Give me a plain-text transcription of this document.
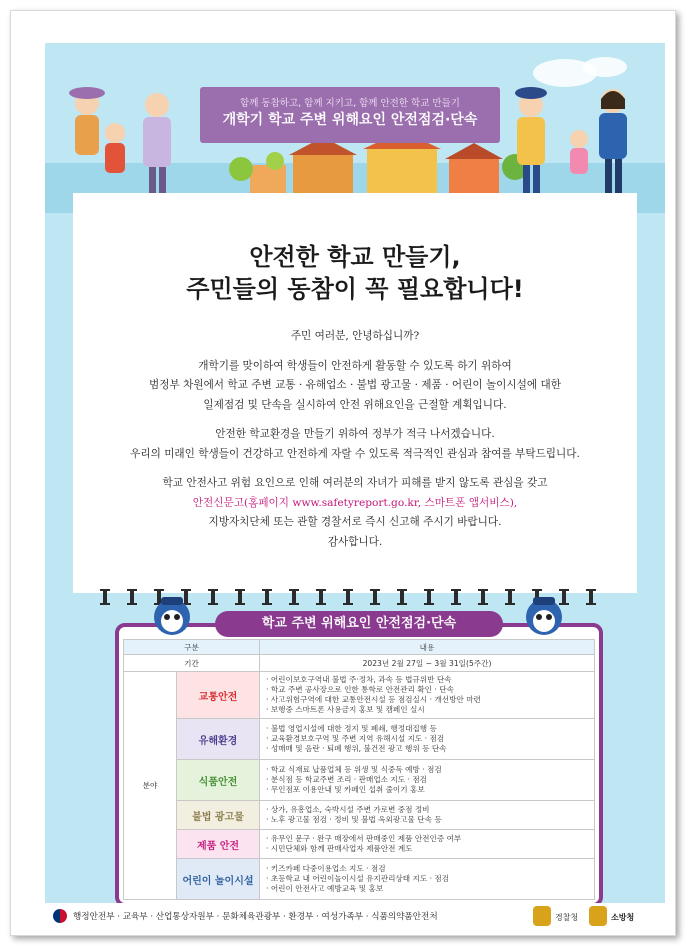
함께 동참하고, 함께 지키고, 함께 안전한 학교 만들기
개학기 학교 주변 위해요인 안전점검·단속
안전한 학교 만들기,
주민들의 동참이 꼭 필요합니다!

주민 여러분, 안녕하십니까?

개학기를 맞이하여 학생들이 안전하게 활동할 수 있도록 하기 위하여

범정부 차원에서 학교 주변 교통 · 유해업소 · 불법 광고물 · 제품 · 어린이 놀이시설에 대한

일제점검 및 단속을 실시하여 안전 위해요인을 근절할 계획입니다.

안전한 학교환경을 만들기 위하여 정부가 적극 나서겠습니다.

우리의 미래인 학생들이 건강하고 안전하게 자랄 수 있도록 적극적인 관심과 참여를 부탁드립니다.

학교 안전사고 위험 요인으로 인해 여러분의 자녀가 피해를 받지 않도록 관심을 갖고

안전신문고(홈페이지 www.safetyreport.go.kr, 스마트폰 앱서비스),

지방자치단체 또는 관할 경찰서로 즉시 신고해 주시기 바랍니다.

감사합니다.

학교 주변 위해요인 안전점검·단속
구분		내용
기간		2023년 2월 27일 ~ 3월 31일(5주간)
분야	교통안전	· 어린이보호구역내 불법 주·정차, 과속 등 법규위반 단속
· 학교 주변 공사장으로 인한 통학로 안전관리 확인 · 단속
· 사고위험구역에 대한 교통안전시설 등 점검실시 · 개선방안 마련
· 보행중 스마트폰 사용금지 홍보 및 캠페인 실시

	유해환경	· 불법 영업시설에 대한 정지 및 폐쇄, 행정대집행 등
· 교육환경보호구역 및 주변 지역 유해시설 지도 · 점검
· 성매매 및 음란 · 퇴폐 행위, 불건전 광고 행위 등 단속

	식품안전	· 학교 식재료 납품업체 등 위생 및 식중독 예방 · 점검
· 분식점 등 학교주변 조리 · 판매업소 지도 · 점검
· 무인점포 이용안내 및 카페인 섭취 줄이기 홍보

	불법 광고물	· 상가, 유흥업소, 숙박시설 주변 가로변 중점 정비
· 노후 광고물 점검 · 정비 및 불법 옥외광고물 단속 등

	제품 안전	· 유무인 문구 · 완구 매장에서 판매중인 제품 안전인증 여부
· 시민단체와 함께 판매사업자 제품안전 계도

	어린이 놀이시설	· 키즈카페 다중이용업소 지도 · 점검
· 초등학교 내 어린이놀이시설 유지관리상태 지도 · 점검
· 어린이 안전사고 예방교육 및 홍보
행정안전부 · 교육부 · 산업통상자원부 · 문화체육관광부 · 환경부 · 여성가족부 · 식품의약품안전처	경찰청	소방청
